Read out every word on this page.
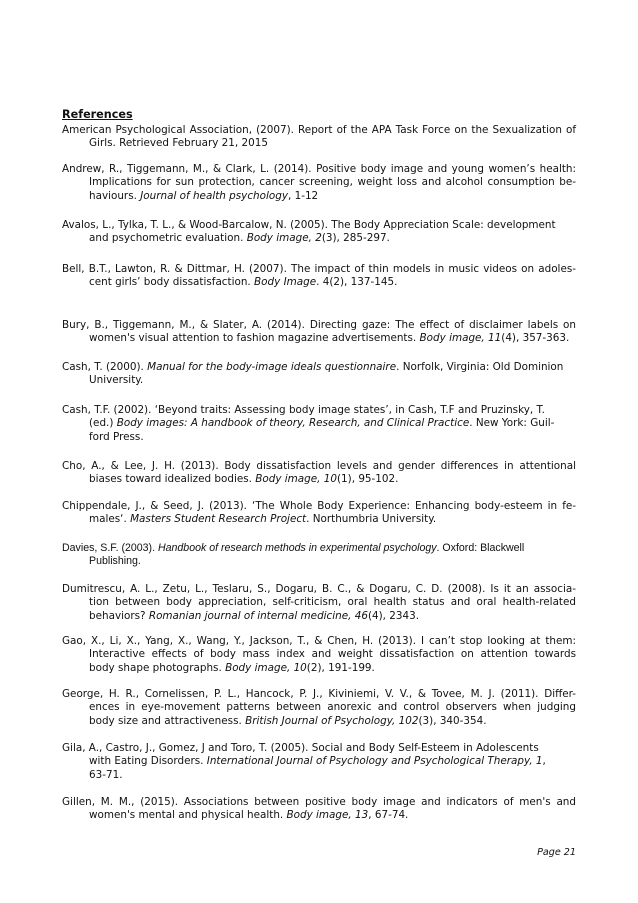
References
American Psychological Association, (2007). Report of the APA Task Force on the Sexualization of
Girls. Retrieved February 21, 2015
Andrew, R., Tiggemann, M., & Clark, L. (2014). Positive body image and young women’s health:
Implications for sun protection, cancer screening, weight loss and alcohol consumption be-
haviours. Journal of health psychology, 1-12
Avalos, L., Tylka, T. L., & Wood-Barcalow, N. (2005). The Body Appreciation Scale: development
and psychometric evaluation. Body image, 2(3), 285-297.
Bell, B.T., Lawton, R. & Dittmar, H. (2007). The impact of thin models in music videos on adoles-
cent girls’ body dissatisfaction. Body Image. 4(2), 137-145.
Bury, B., Tiggemann, M., & Slater, A. (2014). Directing gaze: The effect of disclaimer labels on
women's visual attention to fashion magazine advertisements. Body image, 11(4), 357-363.
Cash, T. (2000). Manual for the body-image ideals questionnaire. Norfolk, Virginia: Old Dominion
University.
Cash, T.F. (2002). ‘Beyond traits: Assessing body image states’, in Cash, T.F and Pruzinsky, T.
(ed.) Body images: A handbook of theory, Research, and Clinical Practice. New York: Guil-
ford Press.
Cho, A., & Lee, J. H. (2013). Body dissatisfaction levels and gender differences in attentional
biases toward idealized bodies. Body image, 10(1), 95-102.
Chippendale, J., & Seed, J. (2013). ‘The Whole Body Experience: Enhancing body-esteem in fe-
males‘. Masters Student Research Project. Northumbria University.
Davies, S.F. (2003). Handbook of research methods in experimental psychology. Oxford: Blackwell
Publishing.
Dumitrescu, A. L., Zetu, L., Teslaru, S., Dogaru, B. C., & Dogaru, C. D. (2008). Is it an associa-
tion between body appreciation, self-criticism, oral health status and oral health-related
behaviors? Romanian journal of internal medicine, 46(4), 2343.
Gao, X., Li, X., Yang, X., Wang, Y., Jackson, T., & Chen, H. (2013). I can’t stop looking at them:
Interactive effects of body mass index and weight dissatisfaction on attention towards
body shape photographs. Body image, 10(2), 191-199.
George, H. R., Cornelissen, P. L., Hancock, P. J., Kiviniemi, V. V., & Tovee, M. J. (2011). Differ-
ences in eye-movement patterns between anorexic and control observers when judging
body size and attractiveness. British Journal of Psychology, 102(3), 340-354.
Gila, A., Castro, J., Gomez, J and Toro, T. (2005). Social and Body Self-Esteem in Adolescents
with Eating Disorders. International Journal of Psychology and Psychological Therapy, 1,
63-71.
Gillen, M. M., (2015). Associations between positive body image and indicators of men's and
women's mental and physical health. Body image, 13, 67-74.
Page 21
